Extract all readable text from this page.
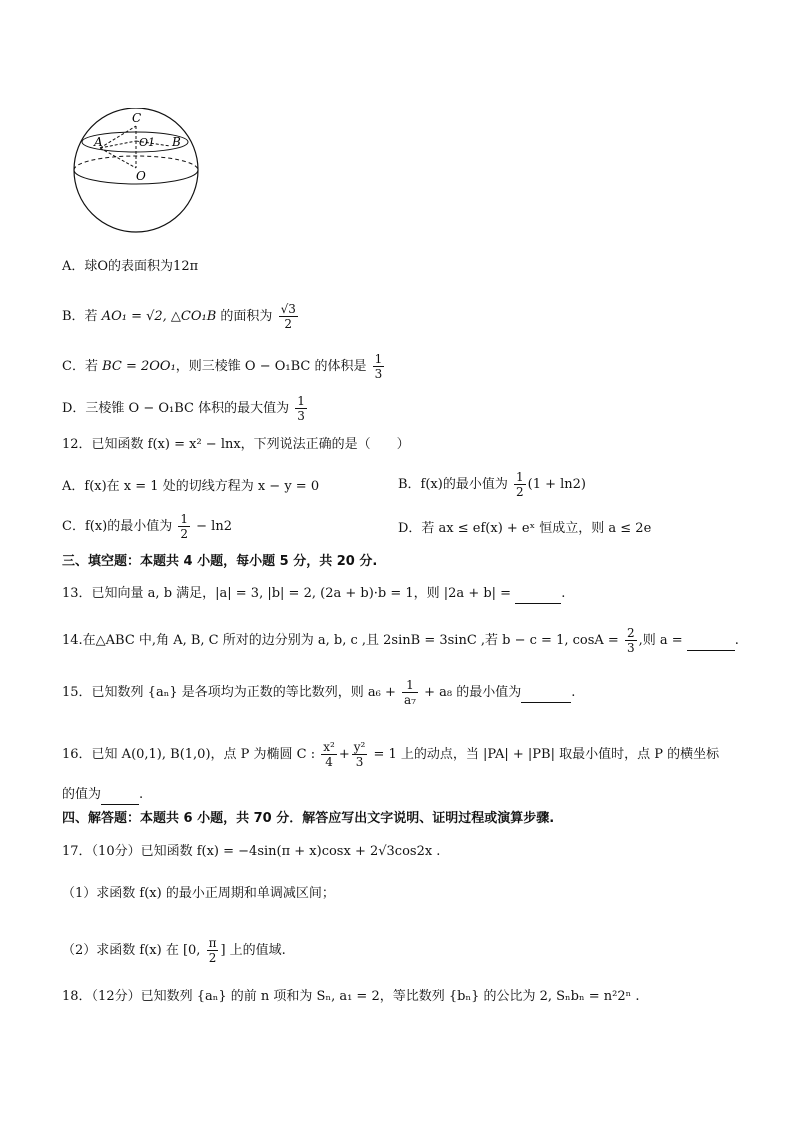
C
A	O1 B
O
A．球O的表面积为12π
B．若 AO₁ = √2, △CO₁B 的面积为 $\frac{√3}{2}$
C．若 BC = 2OO₁，则三棱锥 O − O₁BC 的体积是 $\frac{1}{3}$
D．三棱锥 O − O₁BC 体积的最大值为 $\frac{1}{3}$
12．已知函数 f(x) = x² − lnx，下列说法正确的是（　　）
A．f(x)在 x = 1 处的切线方程为 x − y = 0	B．f(x)的最小值为 $\frac{1}{2} (1 + \ln 2)$
C．f(x)的最小值为 $\frac{1}{2} - \ln 2$	D．若 ax ≤ ef(x) + eˣ 恒成立，则 a ≤ 2e
三、填空题：本题共 4 小题，每小题 5 分，共 20 分.
13．已知向量 a, b 满足，|a| = 3, |b| = 2, (2a + b)·b = 1，则 |2a + b| =	.
14.在△ABC 中,角 A, B, C 所对的边分别为 a, b, c ,且 2sinB = 3sinC ,若 b − c = 1, $\cos A = \frac{2}{3}$ ,则 a =	.
15．已知数列 {aₙ} 是各项均为正数的等比数列，则 $a_6 + \frac{1}{\text{a₇}} + a_8$ 的最小值为	.
16．已知 A(0,1), B(1,0)，点 P 为椭圆 C : $\frac{\text{x²}}{4} + \frac{\text{y²}}{3} = 1$ 上的动点，当 |PA| + |PB| 取最小值时，点 P 的横坐标
的值为	.
四、解答题：本题共 6 小题，共 70 分．解答应写出文字说明、证明过程或演算步骤.
17．（10分）已知函数 f(x) = −4sin(π + x)cosx + 2√3cos2x .
（1）求函数 f(x) 的最小正周期和单调减区间；
（2）求函数 f(x) 在 [0, $\frac{\pi}{2}$ ] 上的值域.
18．（12分）已知数列 {aₙ} 的前 n 项和为 Sₙ, a₁ = 2，等比数列 {bₙ} 的公比为 2, Sₙbₙ = n²2ⁿ .
